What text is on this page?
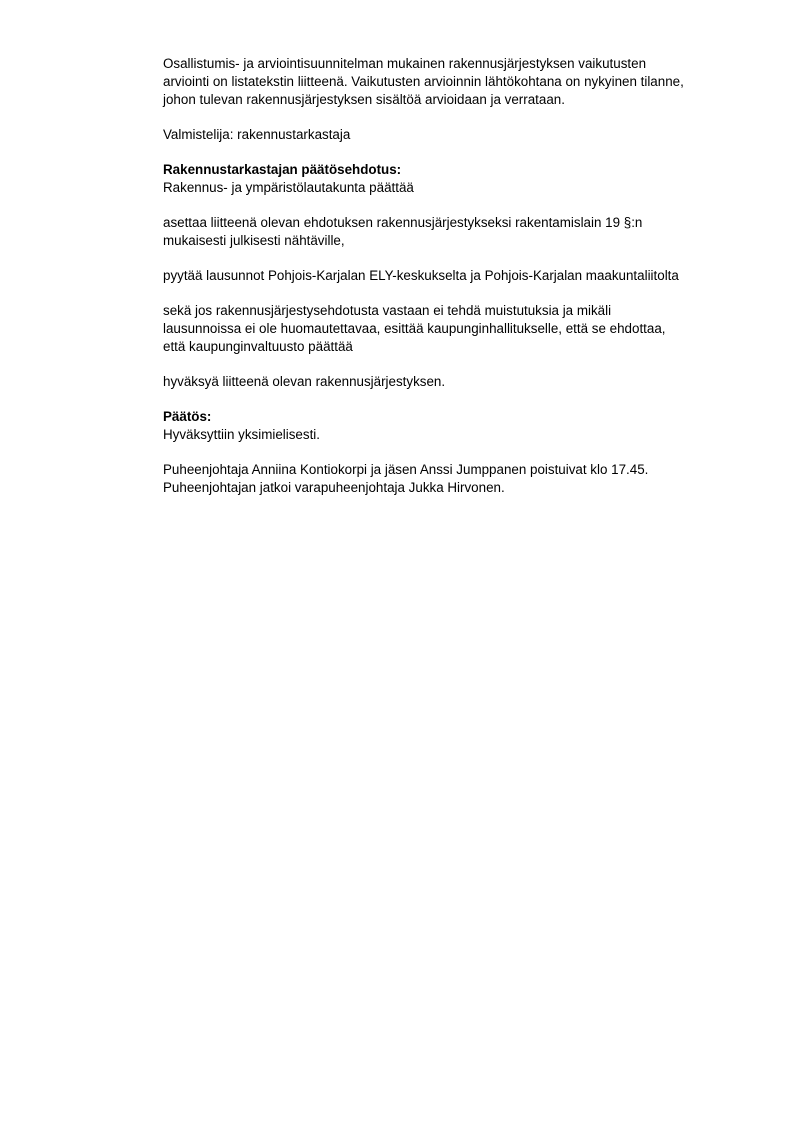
Osallistumis- ja arviointisuunnitelman mukainen rakennusjärjestyksen vaikutusten
arviointi on listatekstin liitteenä. Vaikutusten arvioinnin lähtökohtana on nykyinen tilanne,
johon tulevan rakennusjärjestyksen sisältöä arvioidaan ja verrataan.

Valmistelija: rakennustarkastaja

Rakennustarkastajan päätösehdotus:
Rakennus- ja ympäristölautakunta päättää

asettaa liitteenä olevan ehdotuksen rakennusjärjestykseksi rakentamislain 19 §:n
mukaisesti julkisesti nähtäville,

pyytää lausunnot Pohjois-Karjalan ELY-keskukselta ja Pohjois-Karjalan maakuntaliitolta

sekä jos rakennusjärjestysehdotusta vastaan ei tehdä muistutuksia ja mikäli
lausunnoissa ei ole huomautettavaa, esittää kaupunginhallitukselle, että se ehdottaa,
että kaupunginvaltuusto päättää

hyväksyä liitteenä olevan rakennusjärjestyksen.

Päätös:
Hyväksyttiin yksimielisesti.

Puheenjohtaja Anniina Kontiokorpi ja jäsen Anssi Jumppanen poistuivat klo 17.45.
Puheenjohtajan jatkoi varapuheenjohtaja Jukka Hirvonen.
